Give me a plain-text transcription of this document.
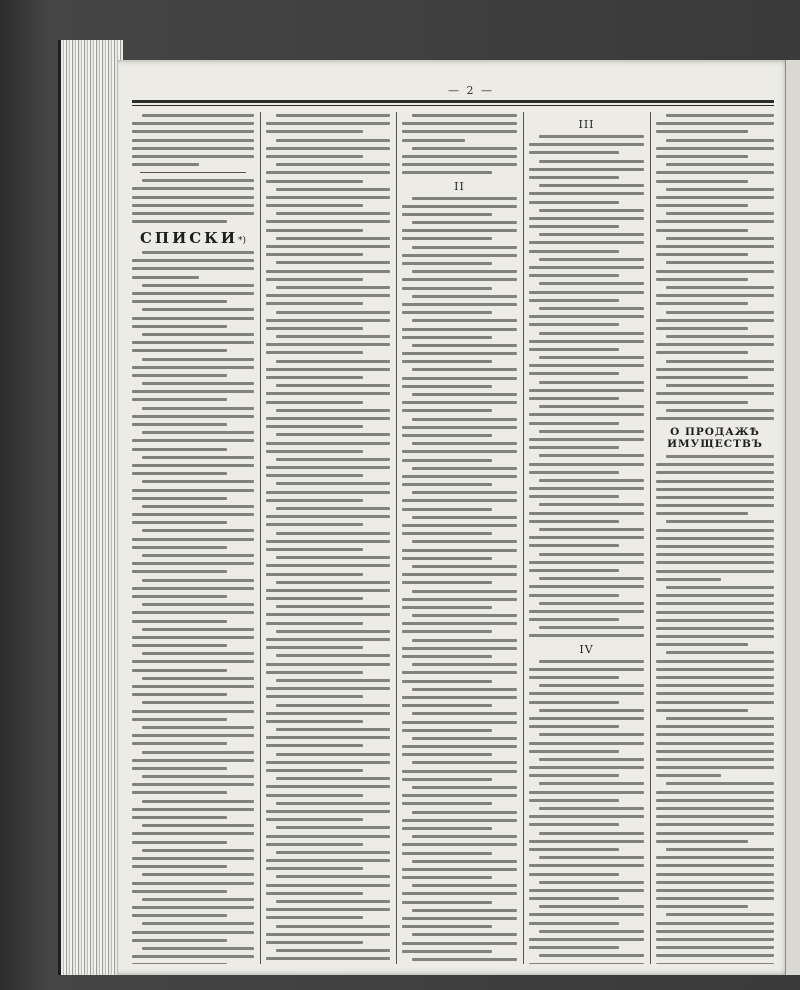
— 2 —
СПИСКИ*)
II
III
IV
О ПРОДАЖѢ ИМУЩЕСТВЪ
